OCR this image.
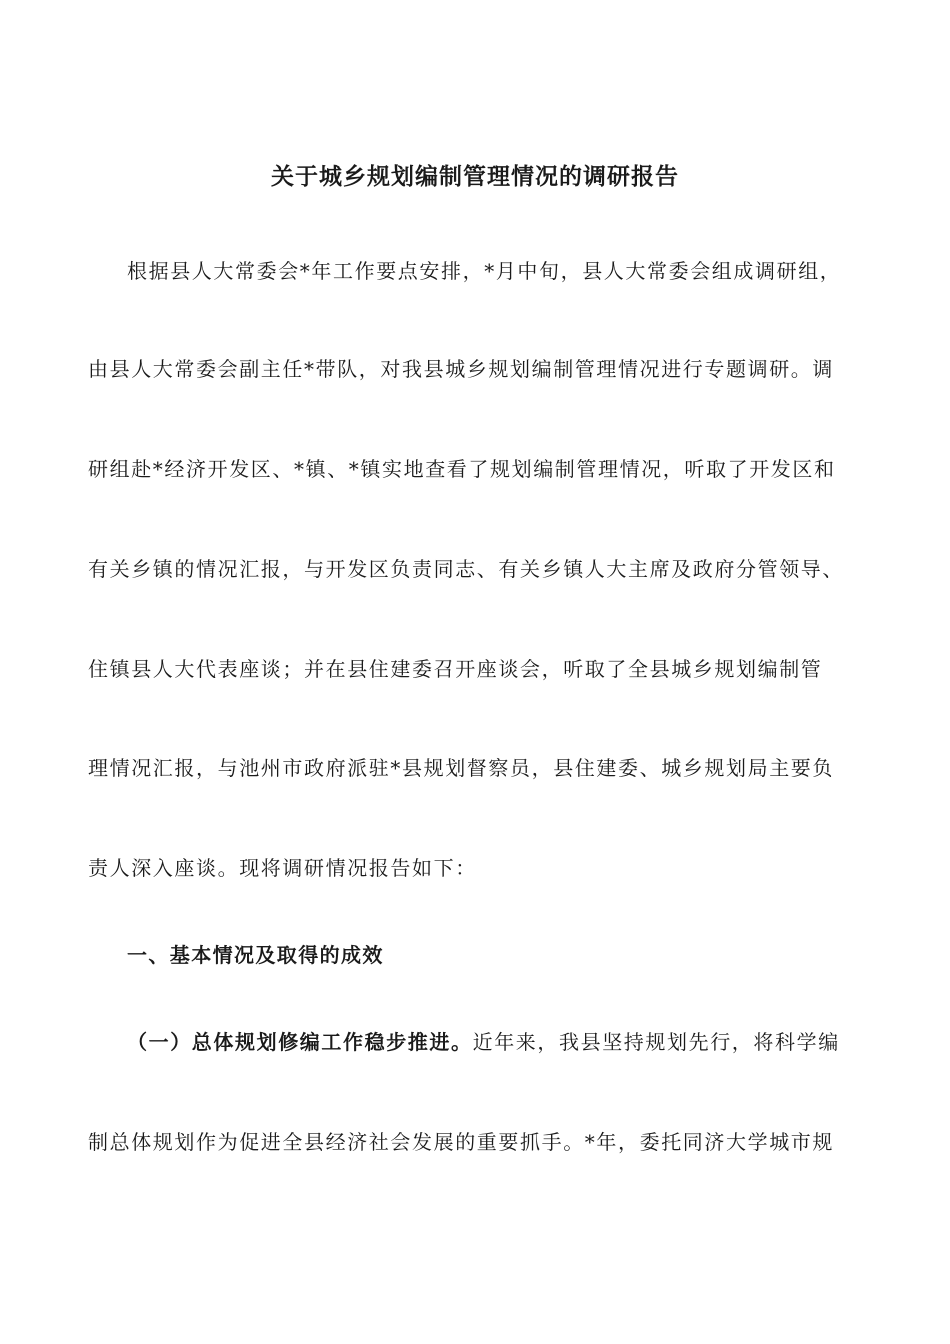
关于城乡规划编制管理情况的调研报告
根据县人大常委会*年工作要点安排，*月中旬，县人大常委会组成调研组，
由县人大常委会副主任*带队，对我县城乡规划编制管理情况进行专题调研。调
研组赴*经济开发区、*镇、*镇实地查看了规划编制管理情况，听取了开发区和
有关乡镇的情况汇报，与开发区负责同志、有关乡镇人大主席及政府分管领导、
住镇县人大代表座谈；并在县住建委召开座谈会，听取了全县城乡规划编制管
理情况汇报，与池州市政府派驻*县规划督察员，县住建委、城乡规划局主要负
责人深入座谈。现将调研情况报告如下：
一、基本情况及取得的成效
（一）总体规划修编工作稳步推进。近年来，我县坚持规划先行，将科学编
制总体规划作为促进全县经济社会发展的重要抓手。*年，委托同济大学城市规
